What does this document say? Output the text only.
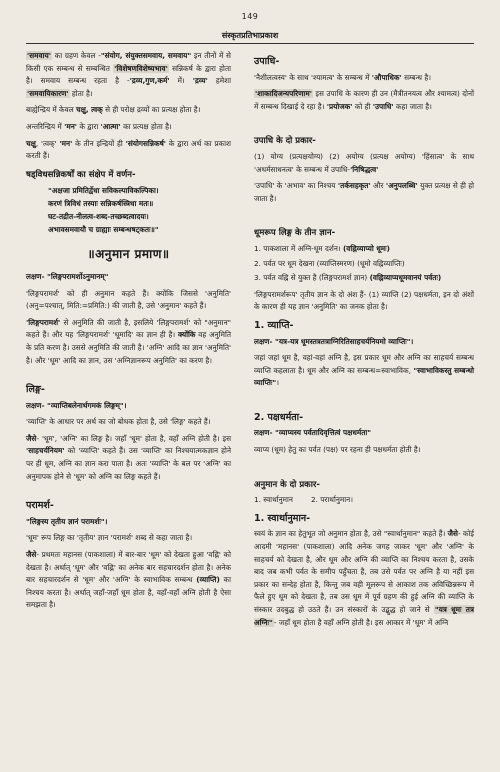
149
संस्कृतप्रतिभाप्रकाश

'समवाय' का ग्रहण केवल -"संयोग, संयुक्तसमवाय, समवाय" इन तीनों में से किसी एक सम्बन्ध से सम्बन्धित 'विशेषणविशेष्यभाव' सन्निकर्ष के द्वारा होता है। समवाय सम्बन्ध रहता है -'द्रव्य,गुण,कर्म' में। 'द्रव्य' हमेशा 'समवायिकारण' होता है।

बाह्येन्द्रिय में केवल चक्षु, त्वक् से ही परोक्ष द्रव्यों का प्रत्यक्ष होता है।

अन्तरिन्द्रिय में 'मन' के द्वारा 'आत्मा' का प्रत्यक्ष होता है।

चक्षु, 'त्वक्' 'मन' के तीन इन्द्रियों ही 'संयोगसन्निकर्ष' के द्वारा अर्थ का प्रकाश करती हैं।

षड्विधसन्निकर्षों का संक्षेप में वर्णन-
"अक्षजा प्रमितिर्द्वेधा सविकल्पाविकल्पिका।
करणं त्रिविधं तस्याः सन्निकर्षस्त्रिधा मतः॥
घट-तद्रीत-नीलत्व-शब्द-तच्छब्दत्वादयः।
अभावसमवायौ च ग्राह्याः सम्बन्धषट्कतः॥"
॥अनुमान प्रमाण॥

लक्षण- "लिङ्गपरामर्शोऽनुमानम्"

'लिङ्गपरामर्श' को ही अनुमान कहते हैं। क्योंकि जिससे 'अनुमिति' (अनु=पश्चात्, मिति:=प्रमिति:) की जाती है, उसे 'अनुमान' कहते हैं।

'लिङ्गपरामर्श' से अनुमिति की जाती है, इसलिये 'लिङ्गपरामर्श' को "अनुमान" कहते हैं। और यह 'लिङ्गपरामर्श' 'धूमादि' का ज्ञान ही है। क्योंकि वह अनुमिति के प्रति करण है। उससे अनुमिति की जाती है। 'अग्नि' आदि का ज्ञान 'अनुमिति' है। और 'धूम' आदि का ज्ञान, उस 'अग्निज्ञानरूप अनुमिति' का करण है।

लिङ्ग-

लक्षण- "व्याप्तिबलेनार्थगमकं लिङ्गम्"।

'व्याप्ति' के आधार पर अर्थ का जो बोधक होता है, उसे 'लिङ्ग' कहते हैं।

जैसे- 'धूम', 'अग्नि' का लिङ्ग है। जहाँ 'धूम' होता है, वहाँ अग्नि होती है। इस 'साहचर्यनियम' को 'व्याप्ति' कहते हैं। उस 'व्याप्ति' का निश्चयात्मकज्ञान होने पर ही धूम, अग्नि का ज्ञान करा पाता है। अतः 'व्याप्ति' के बल पर 'अग्नि' का अनुमापक होने से 'धूम' को अग्नि का लिङ्ग कहते हैं।

परामर्श-

"लिङ्गस्य तृतीय ज्ञानं परामर्शः"।

'धूम' रूप लिङ्ग का 'तृतीय' ज्ञान 'परामर्श' शब्द से कहा जाता है।

जैसे- प्रथमतः महानस (पाकशाला) में बार-बार 'धूम' को देखता हुआ 'वह्नि' को देखता है। अर्थात् 'धूम' और 'वह्नि' का अनेक बार सहचारदर्शन होता है। अनेक बार सहचारदर्शन से 'धूम' और 'अग्नि' के स्वाभाविक सम्बन्ध (व्याप्ति) का निश्चय करता है। अर्थात् जहाँ-जहाँ धूम होता है, वहाँ-वहाँ अग्नि होती है ऐसा समझता है।

उपाधि-

'नैशीलत्वस्य' के साथ 'श्यामत्व' के सम्बन्ध में 'औपाधिक' सम्बन्ध है।

'शाकादिजन्यपरिणाम' इस उपाधि के कारण ही उन (मैत्रीतनयत्व और श्यामत्व) दोनों में सम्बन्ध दिखाई दे रहा है। 'प्रयोजक' को ही 'उपाधि' कहा जाता है।

उपाधि के दो प्रकार-

(1) योग्य (प्रत्यक्षयोग्य) (2) अयोग्य (प्रत्यक्ष अयोग्य) 'हिंसात्व' के साथ 'अधर्मसाधनत्व' के सम्बन्ध में उपाधि-'निषिद्धत्व'

'उपाधि' के 'अभाव' का निश्चय 'तर्कसहकृत' और 'अनुपलब्धि' युक्त प्रत्यक्ष से ही हो जाता है।

धूमरूप लिङ्ग के तीन ज्ञान-
1. पाकशाला में अग्नि-धूम दर्शन। (वह्निव्याप्यो धूमः)
2. पर्वत पर धूम देखना (व्याप्तिस्मरण) (धूमो वह्निव्याप्तिः)
3. पर्वत वह्नि से युक्त है (लिङ्गपरामर्श ज्ञान) (वह्निव्याप्यधूमवानयं पर्वतः)

'लिङ्गपरामर्शरूप' तृतीय ज्ञान के दो अंश हैं- (1) व्याप्ति (2) पक्षधर्मता, इन दो अंशों के कारण ही यह ज्ञान 'अनुमिति' का जनक होता है।

1. व्याप्ति-

लक्षण- "यत्र-यत्र धूमस्तत्रतत्राग्निरितिसाहचर्यनियमो व्याप्तिः"।

जहां जहां धूम है, वहां-वहां अग्नि है, इस प्रकार धूम और अग्नि का साहचर्य सम्बन्ध व्याप्ति कहलाता है। धूम और अग्नि का सम्बन्ध=स्वाभाविक, "स्वाभाविकस्तु सम्बन्धो व्याप्तिः"।

2. पक्षधर्मता-

लक्षण- "व्याप्यस्य पर्वतादिवृत्तित्वं पक्षधर्मता"

व्याप्य (धूम) हेतु का पर्वत (पक्ष) पर रहना ही पक्षधर्मता होती है।

अनुमान के दो प्रकार-
1. स्वार्थानुमान 2. परार्थानुमान।
1. स्वार्थानुमान-

स्वयं के ज्ञान का हेतुभूत जो अनुमान होता है, उसे "स्वार्थानुमान" कहते हैं। जैसे- कोई आदमी 'महानस' (पाकशाला) आदि अनेक जगह जाकर 'धूम' और 'अग्नि' के साहचर्य को देखता है, और धूम और अग्नि की व्याप्ति का निश्चय करता है, उसके बाद जब कभी पर्वत के समीप पहुँचता है, तब उसे पर्वत पर अग्नि है या नहीं इस प्रकार का सन्देह होता है, किन्तु जब वही मूलरूप से आकाश तक अविच्छिन्नरूप में फैले हुए धूम को देखता है, तब उस धूम में पूर्व ग्रहण की हुई अग्नि की व्याप्ति के संस्कार उदबुद्ध हो उठते हैं। उन संस्कारों के उद्बुद्ध हो जाने से "यत्र धूमः तत्र अग्निः"- जहाँ धूम होता है वहाँ अग्नि होती है। इस आकार में 'धूम' में अग्नि
